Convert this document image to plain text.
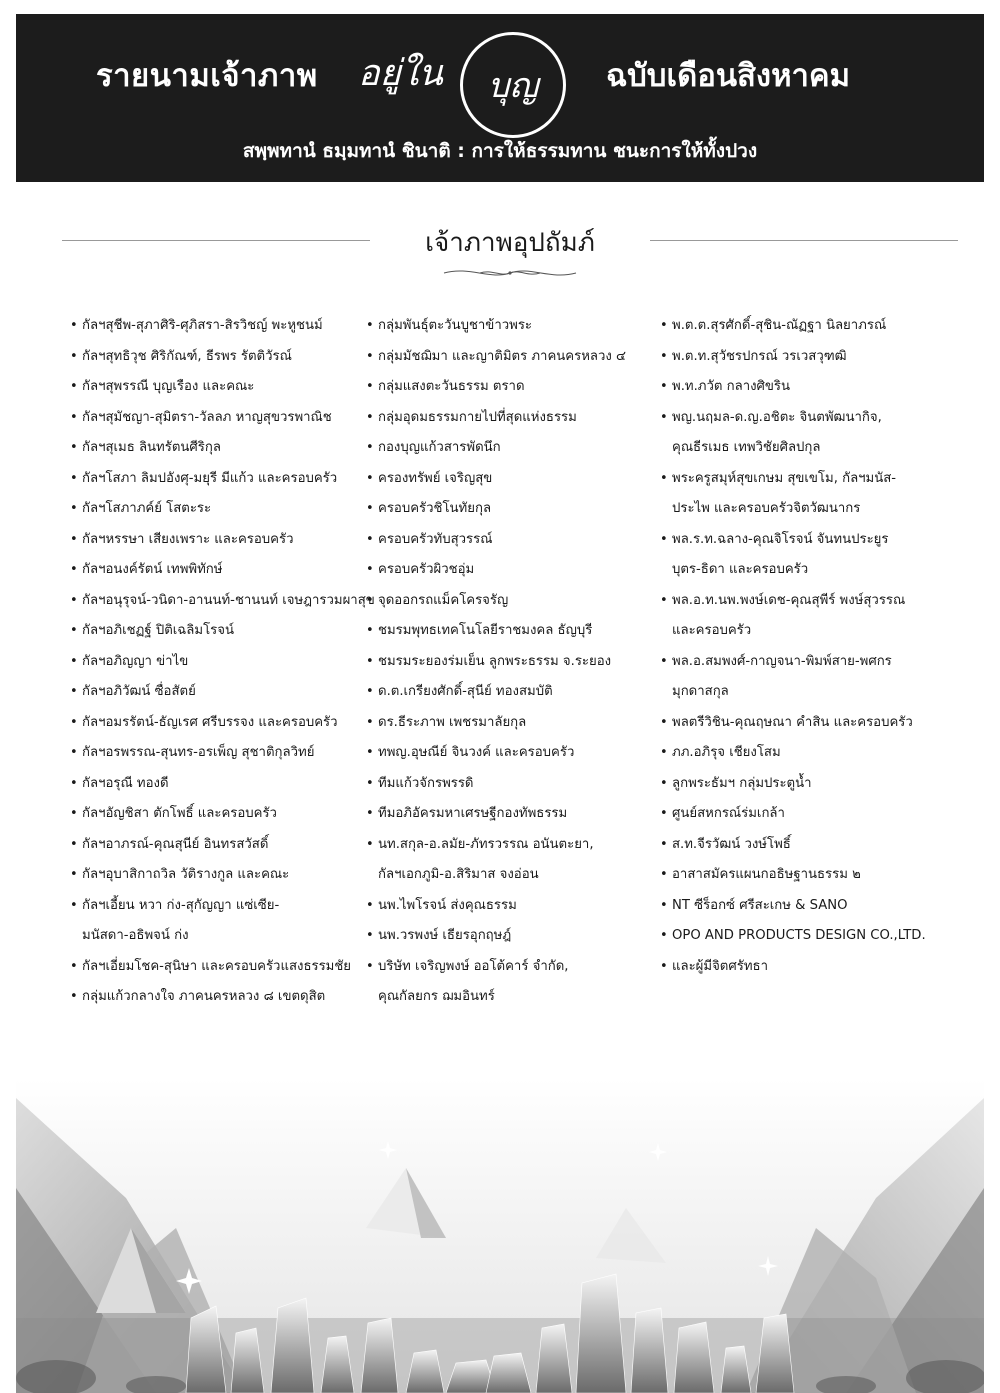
รายนามเจ้าภาพ อยู่ใน บุญ ฉบับเดือนสิงหาคม
สพฺพทานํ ธมฺมทานํ ชินาติ : การให้ธรรมทาน ชนะการให้ทั้งปวง
เจ้าภาพอุปถัมภ์
• กัลฯสุชีพ-สุภาศิริ-ศุภิสรา-สิรวิชญ์ พะหูชนม์
• กัลฯสุทธิวุช ศิริกัณฑ์, ธีรพร รัตติวัรณ์
• กัลฯสุพรรณี บุญเรือง และคณะ
• กัลฯสุมัชญา-สุมิตรา-วัลลภ หาญสุขวรพาณิช
• กัลฯสุเมธ ลินทรัตนศีริกุล
• กัลฯโสภา ลิมปอังศุ-มยุรี มีแก้ว และครอบครัว
• กัลฯโสภาภค์ย์ โสตะระ
• กัลฯหรรษา เสียงเพราะ และครอบครัว
• กัลฯอนงค์รัตน์ เทพพิทักษ์
• กัลฯอนุรุจน์-วนิดา-อานนท์-ชานนท์ เจษฎารวมผาสุข
• กัลฯอภิเชฏฐ์ ปิติเฉลิมโรจน์
• กัลฯอภิญญา ข่าไข
• กัลฯอภิวัฒน์ ซื่อสัตย์
• กัลฯอมรรัตน์-ธัญเรศ ศรีบรรจง และครอบครัว
• กัลฯอรพรรณ-สุนทร-อรเพ็ญ สุชาติกุลวิทย์
• กัลฯอรุณี ทองดี
• กัลฯอัญชิสา ตักโพธิ์ และครอบครัว
• กัลฯอาภรณ์-คุณสุนีย์ อินทรสวัสดิ์
• กัลฯอุบาสิกาถวิล วัติรางกูล และคณะ
• กัลฯเอี้ยน หวา ก่ง-สุกัญญา แซ่เซีย-
มนัสดา-อธิพจน์ ก่ง
• กัลฯเอี่ยมโชค-สุนิษา และครอบครัวแสงธรรมชัย
• กลุ่มแก้วกลางใจ ภาคนครหลวง ๘ เขตดุสิต
• กลุ่มพันธุ์ตะวันบูชาข้าวพระ
• กลุ่มมัชฌิมา และญาติมิตร ภาคนครหลวง ๔
• กลุ่มแสงตะวันธรรม ตราด
• กลุ่มอุดมธรรมกายไปที่สุดแห่งธรรม
• กองบุญแก้วสารพัดนึก
• ครองทรัพย์ เจริญสุข
• ครอบครัวชิโนทัยกุล
• ครอบครัวทับสุวรรณ์
• ครอบครัวผิวชอุ่ม
• จุดออกรถแม็คโครจรัญ
• ชมรมพุทธเทคโนโลยีราชมงคล ธัญบุรี
• ชมรมระยองร่มเย็น ลูกพระธรรม จ.ระยอง
• ด.ต.เกรียงศักดิ์-สุนีย์ ทองสมบัติ
• ดร.ธีระภาพ เพชรมาลัยกุล
• ทพญ.อุษณีย์ จินวงค์ และครอบครัว
• ทีมแก้วจักรพรรดิ
• ทีมอภิอัครมหาเศรษฐีกองทัพธรรม
• นท.สกุล-อ.ลมัย-ภัทรวรรณ อนันตะยา,
กัลฯเอกภูมิ-อ.สิริมาส จงอ่อน
• นพ.ไพโรจน์ ส่งคุณธรรม
• นพ.วรพงษ์ เธียรอุกฤษฎ์
• บริษัท เจริญพงษ์ ออโต้คาร์ จำกัด,
คุณกัลยกร ฌมอินทร์
• พ.ต.ต.สุรศักดิ์-สุชิน-ณัฏฐา นิลยาภรณ์
• พ.ต.ท.สุวัชรปกรณ์ วรเวสวุฑฒิ
• พ.ท.ภวัต กลางศิขริน
• พญ.นฤมล-ด.ญ.อชิตะ จินตพัฒนากิจ,
คุณธีรเมธ เทพวิชัยศิลปกุล
• พระครูสมุห์สุขเกษม สุขเขโม, กัลฯมนัส-
ประไพ และครอบครัวจิตวัฒนากร
• พล.ร.ท.ฉลาง-คุณจิโรจน์ จันทนประยูร
บุตร-ธิดา และครอบครัว
• พล.อ.ท.นพ.พงษ์เดช-คุณสุพีร์ พงษ์สุวรรณ
และครอบครัว
• พล.อ.สมพงศ์-กาญจนา-พิมพ์สาย-พศกร
มุกดาสกุล
• พลตรีวิชิน-คุณฤษณา คำสิน และครอบครัว
• ภภ.อภิรุจ เชียงโสม
• ลูกพระธัมฯ กลุ่มประตูน้ำ
• ศูนย์สหกรณ์ร่มเกล้า
• ส.ท.จีรวัฒน์ วงษ์โพธิ์
• อาสาสมัครแผนกอธิษฐานธรรม ๒
• NT ซีร็อกซ์ ศรีสะเกษ & SANO
• OPO AND PRODUCTS DESIGN CO.,LTD.
• และผู้มีจิตศรัทธา
